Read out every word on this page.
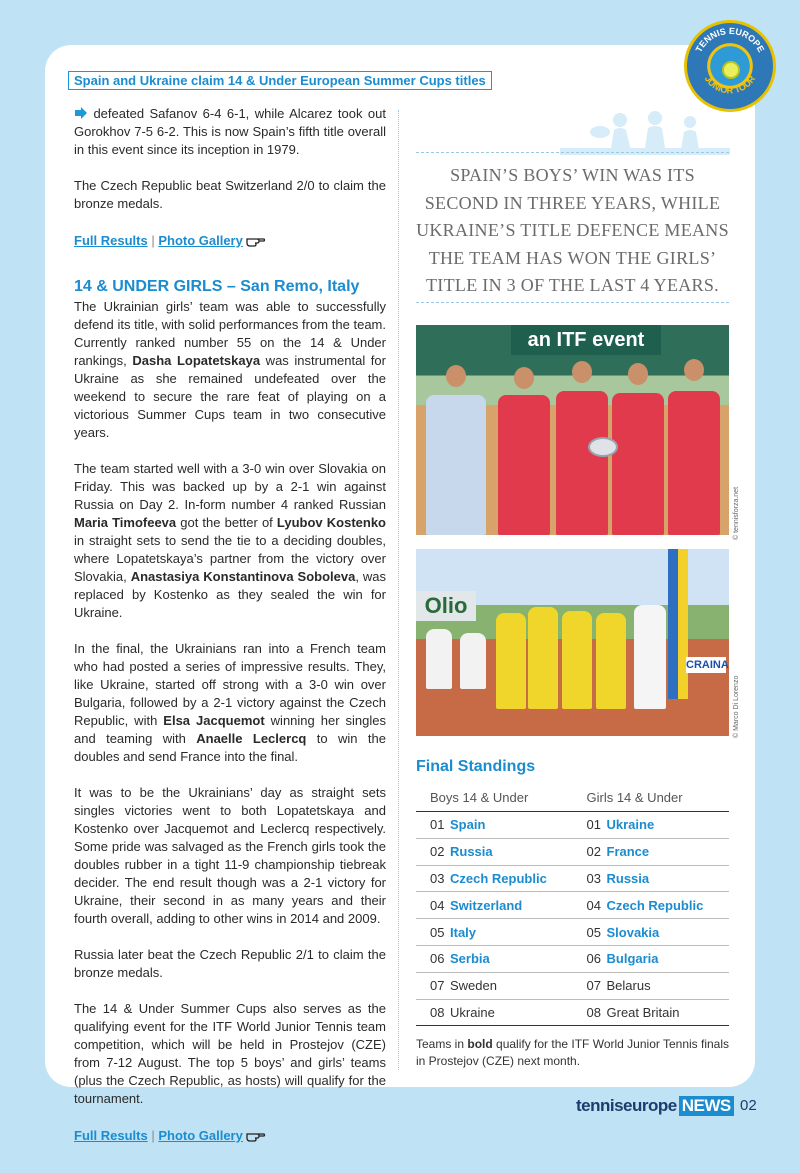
Spain and Ukraine claim 14 & Under European Summer Cups titles
TENNIS EUROPE
JUNIOR TOUR

defeated Safanov 6-4 6-1, while Alcarez took out Gorokhov 7-5 6-2. This is now Spain’s fifth title overall in this event since its inception in 1979.

The Czech Republic beat Switzerland 2/0 to claim the bronze medals.

Full Results | Photo Gallery
14 & UNDER GIRLS – San Remo, Italy

The Ukrainian girls’ team was able to successfully defend its title, with solid performances from the team. Currently ranked number 55 on the 14 & Under rankings, Dasha Lopatetskaya was instrumental for Ukraine as she remained undefeated over the weekend to secure the rare feat of playing on a victorious Summer Cups team in two consecutive years.

The team started well with a 3-0 win over Slovakia on Friday. This was backed up by a 2-1 win against Russia on Day 2. In-form number 4 ranked Russian Maria Timofeeva got the better of Lyubov Kostenko in straight sets to send the tie to a deciding doubles, where Lopatetskaya’s partner from the victory over Slovakia, Anastasiya Konstantinova Soboleva, was replaced by Kostenko as they sealed the win for Ukraine.

In the final, the Ukrainians ran into a French team who had posted a series of impressive results. They, like Ukraine, started off strong with a 3-0 win over Bulgaria, followed by a 2-1 victory against the Czech Republic, with Elsa Jacquemot winning her singles and teaming with Anaelle Leclercq to win the doubles and send France into the final.

It was to be the Ukrainians’ day as straight sets singles victories went to both Lopatetskaya and Kostenko over Jacquemot and Leclercq respectively. Some pride was salvaged as the French girls took the doubles rubber in a tight 11-9 championship tiebreak decider. The end result though was a 2-1 victory for Ukraine, their second in as many years and their fourth overall, adding to other wins in 2014 and 2009.

Russia later beat the Czech Republic 2/1 to claim the bronze medals.

The 14 & Under Summer Cups also serves as the qualifying event for the ITF World Junior Tennis team competition, which will be held in Prostejov (CZE) from 7-12 August. The top 5 boys’ and girls’ teams (plus the Czech Republic, as hosts) will qualify for the tournament.

Full Results | Photo Gallery
SPAIN’S BOYS’ WIN WAS ITS SECOND IN THREE YEARS, WHILE UKRAINE’S TITLE DEFENCE MEANS THE TEAM HAS WON THE GIRLS’ TITLE IN 3 OF THE LAST 4 YEARS.
an ITF event
© tennisforza.net
Olio
CRAINA
© Marco Di Lorenzo
Final Standings
Boys 14 & Under		Girls 14 & Under	
01	Spain	01	Ukraine
02	Russia	02	France
03	Czech Republic	03	Russia
04	Switzerland	04	Czech Republic
05	Italy	05	Slovakia
06	Serbia	06	Bulgaria
07	Sweden	07	Belarus
08	Ukraine	08	Great Britain
Teams in bold qualify for the ITF World Junior Tennis finals in Prostejov (CZE) next month.
tenniseurope NEWS 02
